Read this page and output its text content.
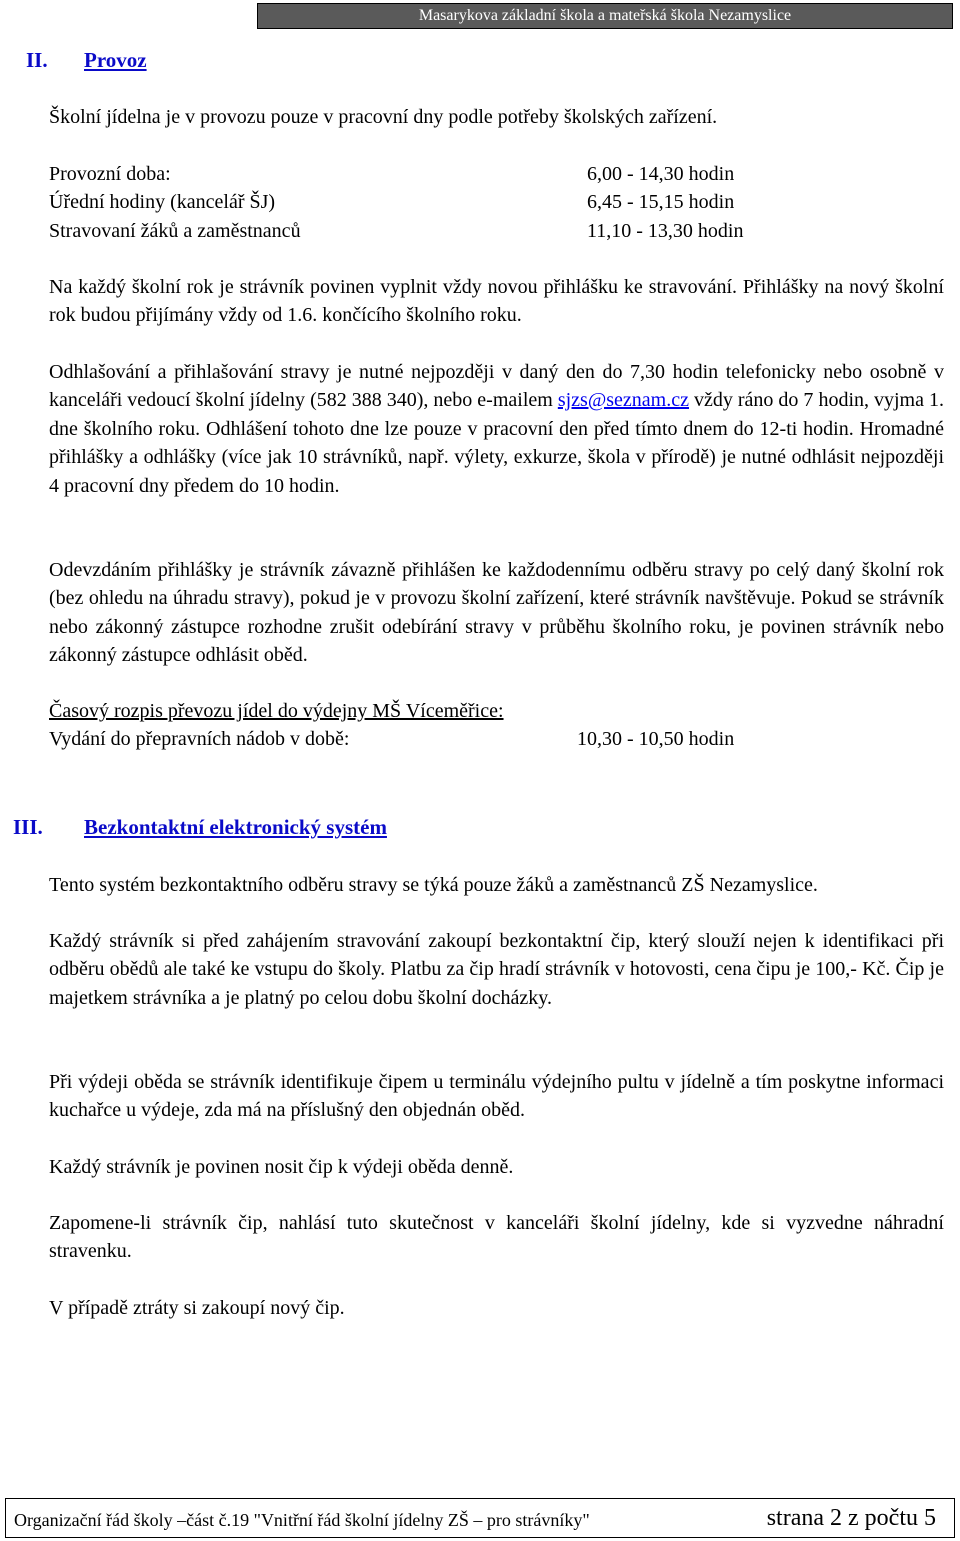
Masarykova základní škola a mateřská škola Nezamyslice
II. Provoz

Školní jídelna je v provozu pouze v pracovní dny podle potřeby školských zařízení.

Provozní doba:	6,00 - 14,30 hodin
Úřední hodiny (kancelář ŠJ)	6,45 - 15,15 hodin
Stravovaní žáků a zaměstnanců	11,10 - 13,30 hodin

Na každý školní rok je strávník povinen vyplnit vždy novou přihlášku ke stravování. Přihlášky na nový školní rok budou přijímány vždy od 1.6. končícího školního roku.

Odhlašování a přihlašování stravy je nutné nejpozději v daný den do 7,30 hodin telefonicky nebo osobně v kanceláři vedoucí školní jídelny (582 388 340), nebo e-mailem sjzs@seznam.cz vždy ráno do 7 hodin, vyjma 1. dne školního roku. Odhlášení tohoto dne lze pouze v pracovní den před tímto dnem do 12-ti hodin. Hromadné přihlášky a odhlášky (více jak 10 strávníků, např. výlety, exkurze, škola v přírodě) je nutné odhlásit nejpozději 4 pracovní dny předem do 10 hodin.

Odevzdáním přihlášky je strávník závazně přihlášen ke každodennímu odběru stravy po celý daný školní rok (bez ohledu na úhradu stravy), pokud je v provozu školní zařízení, které strávník navštěvuje. Pokud se strávník nebo zákonný zástupce rozhodne zrušit odebírání stravy v průběhu školního roku, je povinen strávník nebo zákonný zástupce odhlásit oběd.

Časový rozpis převozu jídel do výdejny MŠ Víceměřice:
Vydání do přepravních nádob v době:	10,30 - 10,50 hodin
III. Bezkontaktní elektronický systém

Tento systém bezkontaktního odběru stravy se týká pouze žáků a zaměstnanců ZŠ Nezamyslice.

Každý strávník si před zahájením stravování zakoupí bezkontaktní čip, který slouží nejen k identifikaci při odběru obědů ale také ke vstupu do školy. Platbu za čip hradí strávník v hotovosti, cena čipu je 100,- Kč. Čip je majetkem strávníka a je platný po celou dobu školní docházky.

Při výdeji oběda se strávník identifikuje čipem u terminálu výdejního pultu v jídelně a tím poskytne informaci kuchařce u výdeje, zda má na příslušný den objednán oběd.

Každý strávník je povinen nosit čip k výdeji oběda denně.

Zapomene-li strávník čip, nahlásí tuto skutečnost v kanceláři školní jídelny, kde si vyzvedne náhradní stravenku.

V případě ztráty si zakoupí nový čip.

Organizační řád školy –část č.19 "Vnitřní řád školní jídelny ZŠ – pro strávníky"	strana 2 z počtu 5
